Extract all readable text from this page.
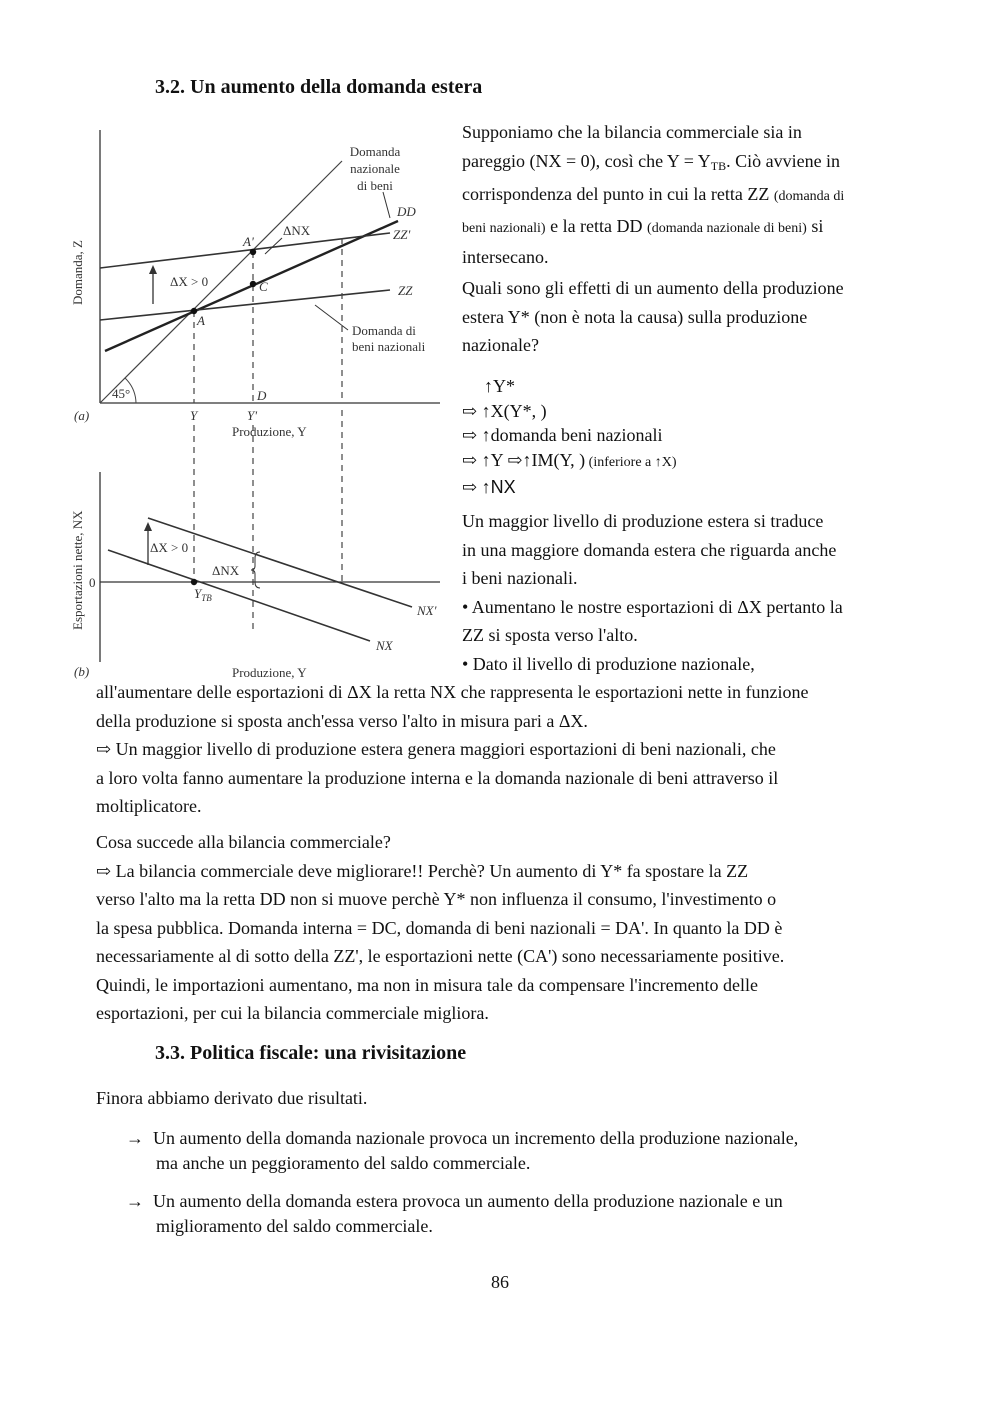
3.2. Un aumento della domanda estera
Domanda
nazionale
di beni
DD
ZZ'
ZZ
Domanda di
beni nazionali
ΔNX
ΔX > 0
A'
C
A
D
45°
Y	Y'
(a)
Produzione, Y
Domanda, Z
ΔX > 0
ΔNX
$Y_{TB}$
NX'
NX
0
(b)	Produzione, Y
Esportazioni nette, NX
Supponiamo che la bilancia commerciale sia in
pareggio (NX = 0), così che $Y = Y_{TB}$. Ciò avviene in
corrispondenza del punto in cui la retta ZZ (domanda di
beni nazionali) e la retta DD (domanda nazionale di beni) si
intersecano.
Quali sono gli effetti di un aumento della produzione
estera Y* (non è nota la causa) sulla produzione
nazionale?
↑Y*
⇨ ↑X(Y*, )
⇨ ↑domanda beni nazionali
⇨ ↑Y ⇨↑IM(Y, ) (inferiore a ↑X)
⇨ ↑NX
Un maggior livello di produzione estera si traduce
in una maggiore domanda estera che riguarda anche
i beni nazionali.
• Aumentano le nostre esportazioni di ΔX pertanto la
ZZ si sposta verso l'alto.
• Dato il livello di produzione nazionale,
all'aumentare delle esportazioni di ΔX la retta NX che rappresenta le esportazioni nette in funzione
della produzione si sposta anch'essa verso l'alto in misura pari a ΔX.
⇨ Un maggior livello di produzione estera genera maggiori esportazioni di beni nazionali, che
a loro volta fanno aumentare la produzione interna e la domanda nazionale di beni attraverso il
moltiplicatore.
Cosa succede alla bilancia commerciale?
⇨ La bilancia commerciale deve migliorare!! Perchè? Un aumento di Y* fa spostare la ZZ
verso l'alto ma la retta DD non si muove perchè Y* non influenza il consumo, l'investimento o
la spesa pubblica. Domanda interna = DC, domanda di beni nazionali = DA'. In quanto la DD è
necessariamente al di sotto della ZZ', le esportazioni nette (CA') sono necessariamente positive.
Quindi, le importazioni aumentano, ma non in misura tale da compensare l'incremento delle
esportazioni, per cui la bilancia commerciale migliora.
3.3. Politica fiscale: una rivisitazione
Finora abbiamo derivato due risultati.
→ Un aumento della domanda nazionale provoca un incremento della produzione nazionale,
ma anche un peggioramento del saldo commerciale.
→ Un aumento della domanda estera provoca un aumento della produzione nazionale e un
miglioramento del saldo commerciale.
86
